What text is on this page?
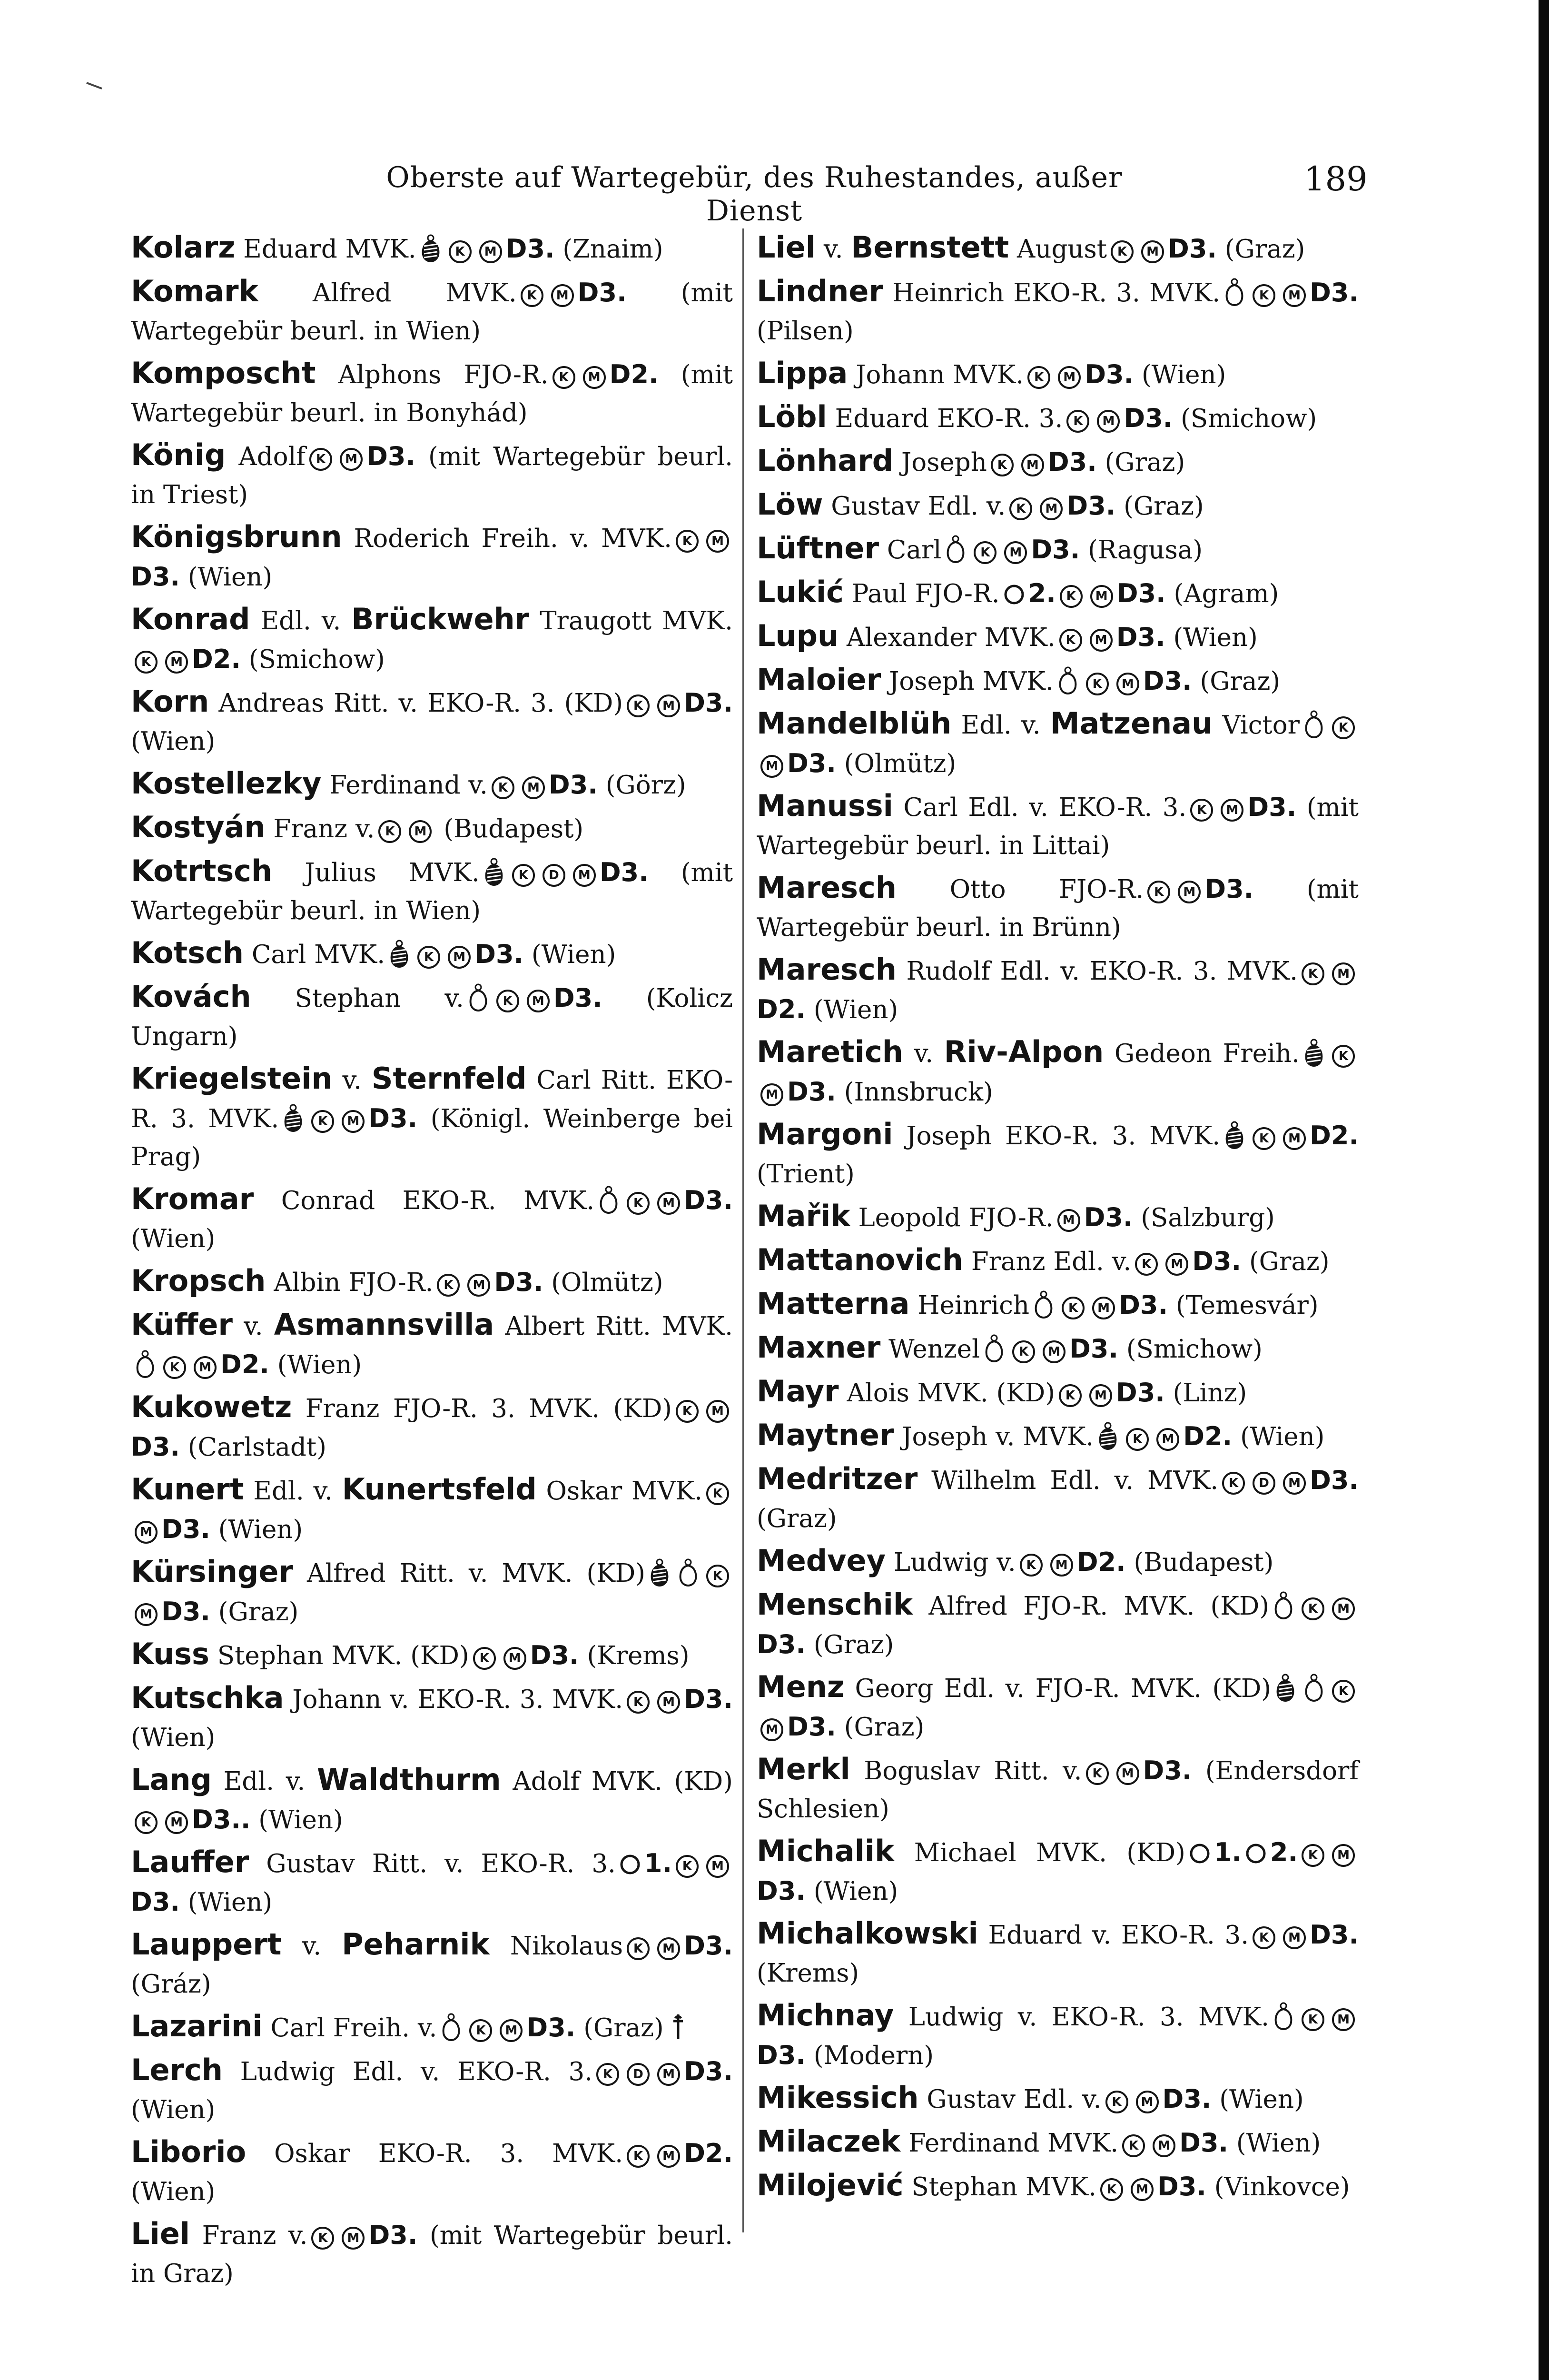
Oberste auf Wartegebür, des Ruhestandes, außer Dienst
189
Kolarz Eduard MVK.	K M D3. (Znaim)
Komark Alfred MVK. K M D3. (mit Wartegebür beurl. in Wien)
Komposcht Alphons FJO-R. K M D2. (mit Wartegebür beurl. in Bonyhád)
König Adolf K M D3. (mit Wartegebür beurl. in Triest)
Königsbrunn Roderich Freih. v. MVK. K MD3. (Wien)
Konrad Edl. v. Brückwehr Traugott MVK.K M D2. (Smichow)
Korn Andreas Ritt. v. EKO-R. 3. (KD) K M D3. (Wien)
Kostellezky Ferdinand v. K M D3. (Görz)
Kostyán Franz v. K M (Budapest)
Kotrtsch Julius MVK.	K D M D3. (mit Wartegebür beurl. in Wien)
Kotsch Carl MVK.	K M D3. (Wien)
Kovách Stephan v.	K M D3. (Kolicz Ungarn)
Kriegelstein v. Sternfeld Carl Ritt. EKO-R. 3. MVK.	K M D3. (Königl. Weinberge bei Prag)
Kromar Conrad EKO-R. MVK.	K M D3. (Wien)
Kropsch Albin FJO-R. K M D3. (Olmütz)
Küffer v. Asmannsvilla Albert Ritt. MVK.K M D2. (Wien)
Kukowetz Franz FJO-R. 3. MVK. (KD) K MD3. (Carlstadt)
Kunert Edl. v. Kunertsfeld Oskar MVK. KM D3. (Wien)
Kürsinger Alfred Ritt. v. MVK. (KD)	KM D3. (Graz)
Kuss Stephan MVK. (KD) K M D3. (Krems)
Kutschka Johann v. EKO-R. 3. MVK. K M D3. (Wien)
Lang Edl. v. Waldthurm Adolf MVK. (KD)K M D3.. (Wien)
Lauffer Gustav Ritt. v. EKO-R. 3. 1. K MD3. (Wien)
Lauppert v. Peharnik Nikolaus K M D3. (Gráz)
Lazarini Carl Freih. v.	K M D3. (Graz)
Lerch Ludwig Edl. v. EKO-R. 3. K D M D3. (Wien)
Liborio Oskar EKO-R. 3. MVK. K M D2. (Wien)
Liel Franz v. K M D3. (mit Wartegebür beurl. in Graz)
Liel v. Bernstett August K M D3. (Graz)
Lindner Heinrich EKO-R. 3. MVK.	K M D3. (Pilsen)
Lippa Johann MVK. K M D3. (Wien)
Löbl Eduard EKO-R. 3. K M D3. (Smichow)
Lönhard Joseph K M D3. (Graz)
Löw Gustav Edl. v. K M D3. (Graz)
Lüftner Carl	K M D3. (Ragusa)
Lukić Paul FJO-R. 2. K M D3. (Agram)
Lupu Alexander MVK. K M D3. (Wien)
Maloier Joseph MVK.	K M D3. (Graz)
Mandelblüh Edl. v. Matzenau Victor	KM D3. (Olmütz)
Manussi Carl Edl. v. EKO-R. 3. K M D3. (mit Wartegebür beurl. in Littai)
Maresch Otto FJO-R. K M D3. (mit Wartegebür beurl. in Brünn)
Maresch Rudolf Edl. v. EKO-R. 3. MVK. K MD2. (Wien)
Maretich v. Riv-Alpon Gedeon Freih.	KM D3. (Innsbruck)
Margoni Joseph EKO-R. 3. MVK.	K M D2. (Trient)
Mařik Leopold FJO-R. M D3. (Salzburg)
Mattanovich Franz Edl. v. K M D3. (Graz)
Matterna Heinrich	K M D3. (Temesvár)
Maxner Wenzel	K M D3. (Smichow)
Mayr Alois MVK. (KD) K M D3. (Linz)
Maytner Joseph v. MVK.	K M D2. (Wien)
Medritzer Wilhelm Edl. v. MVK. K D M D3. (Graz)
Medvey Ludwig v. K M D2. (Budapest)
Menschik Alfred FJO-R. MVK. (KD)	K MD3. (Graz)
Menz Georg Edl. v. FJO-R. MVK. (KD)	KM D3. (Graz)
Merkl Boguslav Ritt. v. K M D3. (Endersdorf Schlesien)
Michalik Michael MVK. (KD) 1. 2. K MD3. (Wien)
Michalkowski Eduard v. EKO-R. 3. K M D3. (Krems)
Michnay Ludwig v. EKO-R. 3. MVK.	K MD3. (Modern)
Mikessich Gustav Edl. v. K M D3. (Wien)
Milaczek Ferdinand MVK. K M D3. (Wien)
Milojević Stephan MVK. K M D3. (Vinkovce)
